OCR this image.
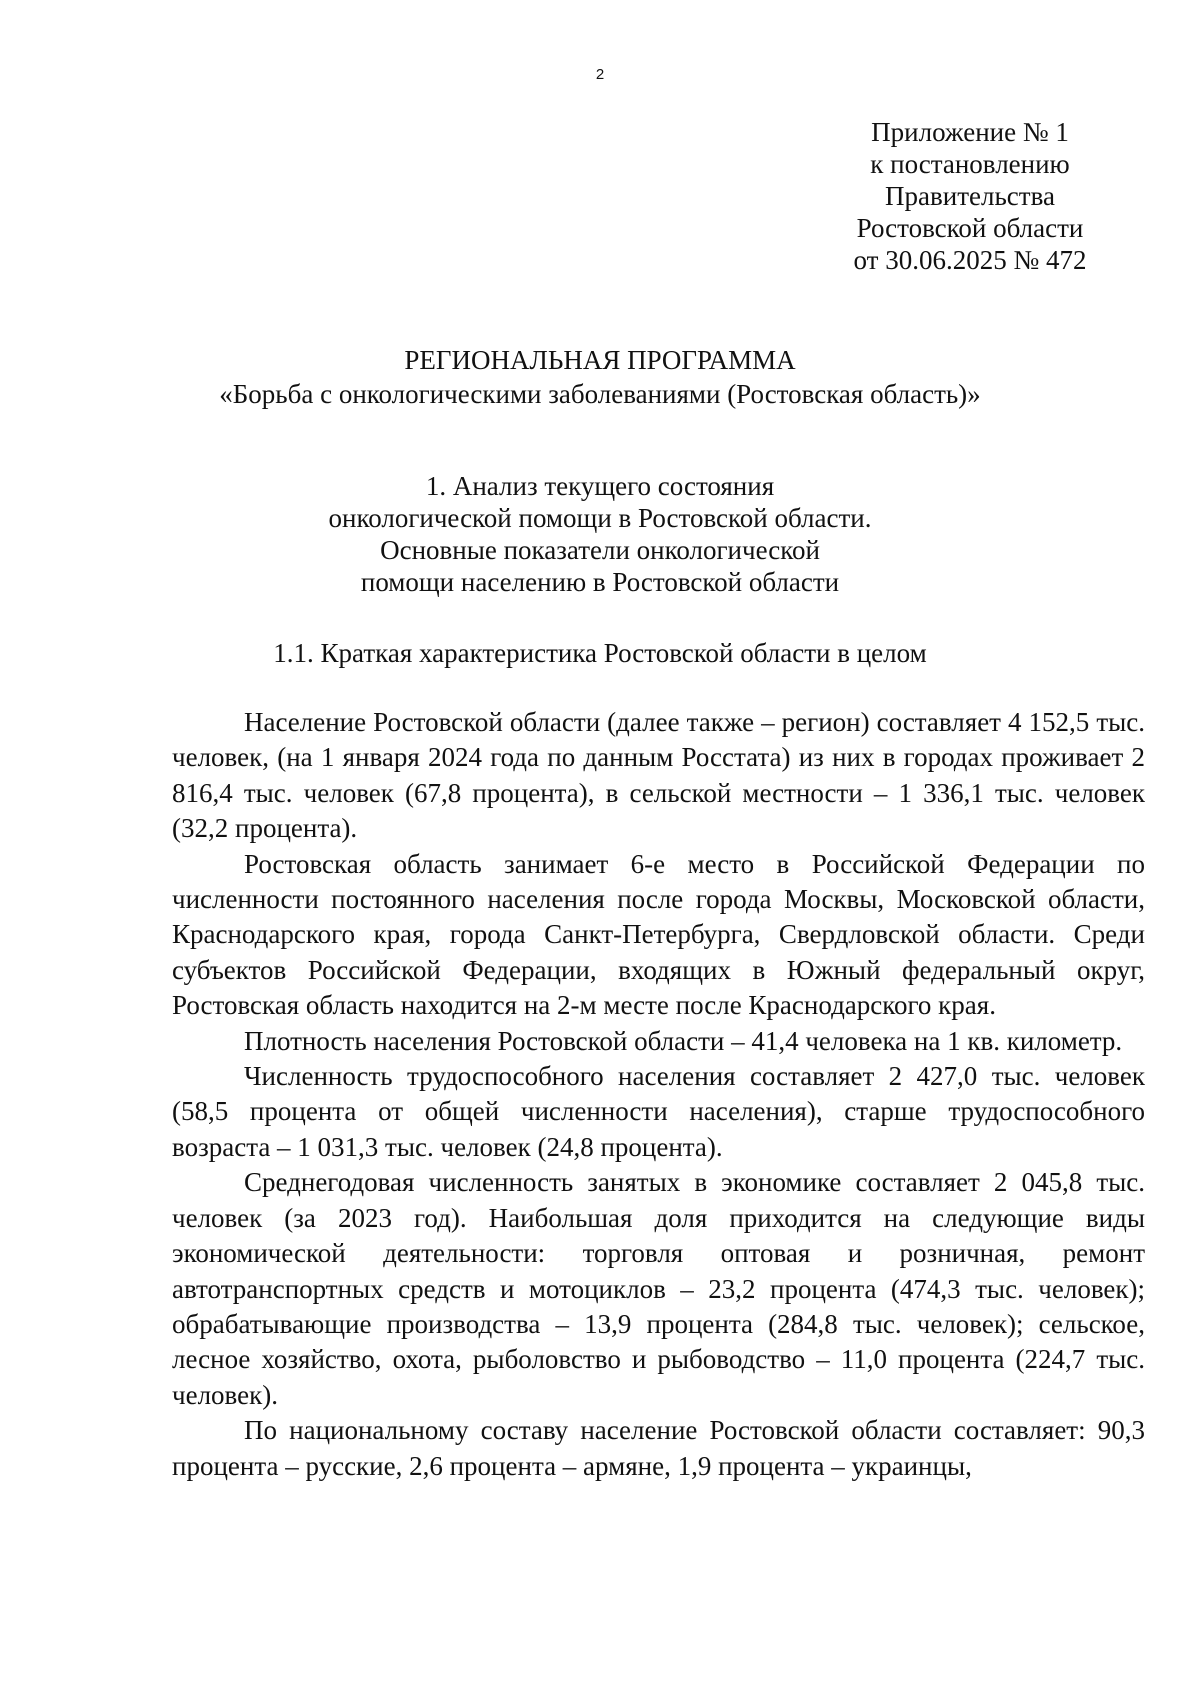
2
Приложение № 1
к постановлению
Правительства
Ростовской области
от 30.06.2025 № 472
РЕГИОНАЛЬНАЯ ПРОГРАММА
«Борьба с онкологическими заболеваниями (Ростовская область)»
1. Анализ текущего состояния
онкологической помощи в Ростовской области.
Основные показатели онкологической
помощи населению в Ростовской области
1.1. Краткая характеристика Ростовской области в целом

Население Ростовской области (далее также – регион) составляет 4 152,5 тыс. человек, (на 1 января 2024 года по данным Росстата) из них в городах проживает 2 816,4 тыс. человек (67,8 процента), в сельской местности – 1 336,1 тыс. человек (32,2 процента).

Ростовская область занимает 6-е место в Российской Федерации по численности постоянного населения после города Москвы, Московской области, Краснодарского края, города Санкт-Петербурга, Свердловской области. Среди субъектов Российской Федерации, входящих в Южный федеральный округ, Ростовская область находится на 2-м месте после Краснодарского края.

Плотность населения Ростовской области – 41,4 человека на 1 кв. километр.

Численность трудоспособного населения составляет 2 427,0 тыс. человек (58,5 процента от общей численности населения), старше трудоспособного возраста – 1 031,3 тыс. человек (24,8 процента).

Среднегодовая численность занятых в экономике составляет 2 045,8 тыс. человек (за 2023 год). Наибольшая доля приходится на следующие виды экономической деятельности: торговля оптовая и розничная, ремонт автотранспортных средств и мотоциклов – 23,2 процента (474,3 тыс. человек); обрабатывающие производства – 13,9 процента (284,8 тыс. человек); сельское, лесное хозяйство, охота, рыболовство и рыбоводство – 11,0 процента (224,7 тыс. человек).

По национальному составу население Ростовской области составляет: 90,3 процента – русские, 2,6 процента – армяне, 1,9 процента – украинцы,
